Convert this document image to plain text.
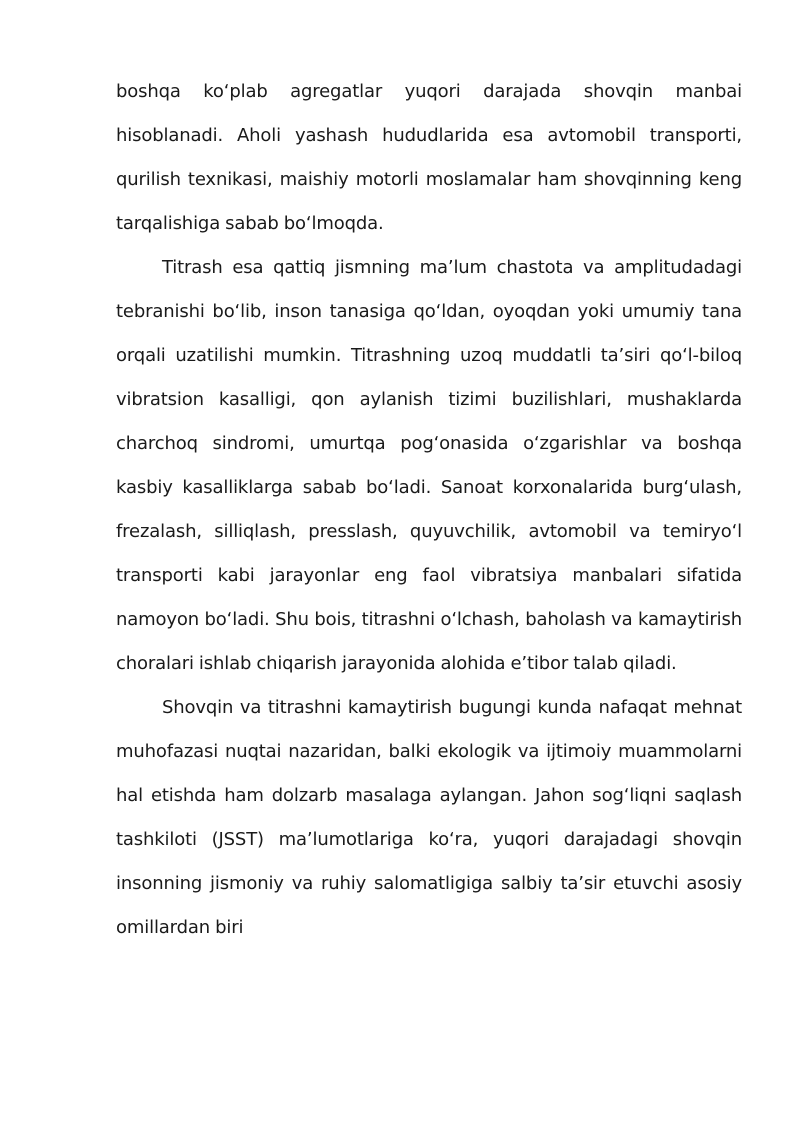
boshqa ko‘plab agregatlar yuqori darajada shovqin manbai hisoblanadi. Aholi yashash hududlarida esa avtomobil transporti, qurilish texnikasi, maishiy motorli moslamalar ham shovqinning keng tarqalishiga sabab bo‘lmoqda.

Titrash esa qattiq jismning ma’lum chastota va amplitudadagi tebranishi bo‘lib, inson tanasiga qo‘ldan, oyoqdan yoki umumiy tana orqali uzatilishi mumkin. Titrashning uzoq muddatli ta’siri qo‘l-biloq vibratsion kasalligi, qon aylanish tizimi buzilishlari, mushaklarda charchoq sindromi, umurtqa pog‘onasida o‘zgarishlar va boshqa kasbiy kasalliklarga sabab bo‘ladi. Sanoat korxonalarida burg‘ulash, frezalash, silliqlash, presslash, quyuvchilik, avtomobil va temiryo‘l transporti kabi jarayonlar eng faol vibratsiya manbalari sifatida namoyon bo‘ladi. Shu bois, titrashni o‘lchash, baholash va kamaytirish choralari ishlab chiqarish jarayonida alohida e’tibor talab qiladi.

Shovqin va titrashni kamaytirish bugungi kunda nafaqat mehnat muhofazasi nuqtai nazaridan, balki ekologik va ijtimoiy muammolarni hal etishda ham dolzarb masalaga aylangan. Jahon sog‘liqni saqlash tashkiloti (JSST) ma’lumotlariga ko‘ra, yuqori darajadagi shovqin insonning jismoniy va ruhiy salomatligiga salbiy ta’sir etuvchi asosiy omillardan biri
